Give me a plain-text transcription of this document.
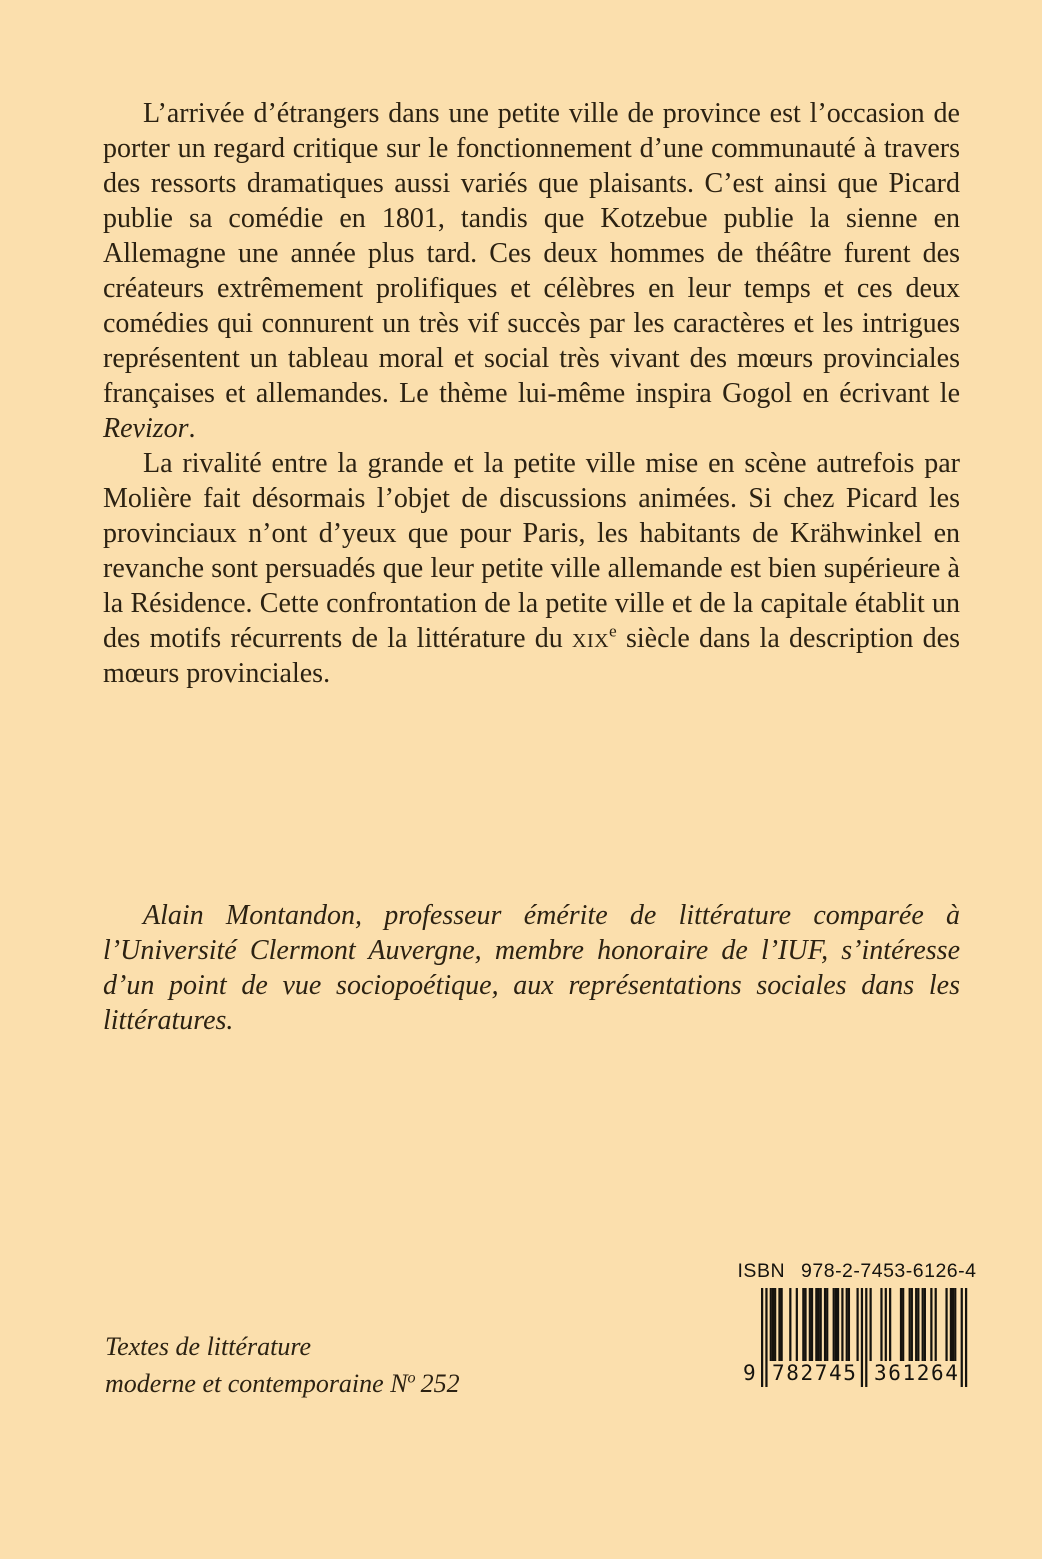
L’arrivée d’étrangers dans une petite ville de province est l’occasion de porter un regard critique sur le fonctionnement d’une communauté à travers des ressorts dramatiques aussi variés que plaisants. C’est ainsi que Picard publie sa comédie en 1801, tandis que Kotzebue publie la sienne en Allemagne une année plus tard. Ces deux hommes de théâtre furent des créateurs extrêmement prolifiques et célèbres en leur temps et ces deux comédies qui connurent un très vif succès par les caractères et les intrigues représentent un tableau moral et social très vivant des mœurs provinciales françaises et allemandes. Le thème lui-même inspira Gogol en écrivant le Revizor.

La rivalité entre la grande et la petite ville mise en scène autrefois par Molière fait désormais l’objet de discussions animées. Si chez Picard les provinciaux n’ont d’yeux que pour Paris, les habitants de Krähwinkel en revanche sont persuadés que leur petite ville allemande est bien supérieure à la Résidence. Cette confrontation de la petite ville et de la capitale établit un des motifs récurrents de la littérature du xix$^e$ siècle dans la description des mœurs provinciales.

Alain Montandon, professeur émérite de littérature comparée à l’Université Clermont Auvergne, membre honoraire de l’IUF, s’intéresse d’un point de vue sociopoétique, aux représentations sociales dans les littératures.

Textes de littérature
moderne et contemporaine $N^o$ 252
ISBN 978-2-7453-6126-4
9 782745 361264
